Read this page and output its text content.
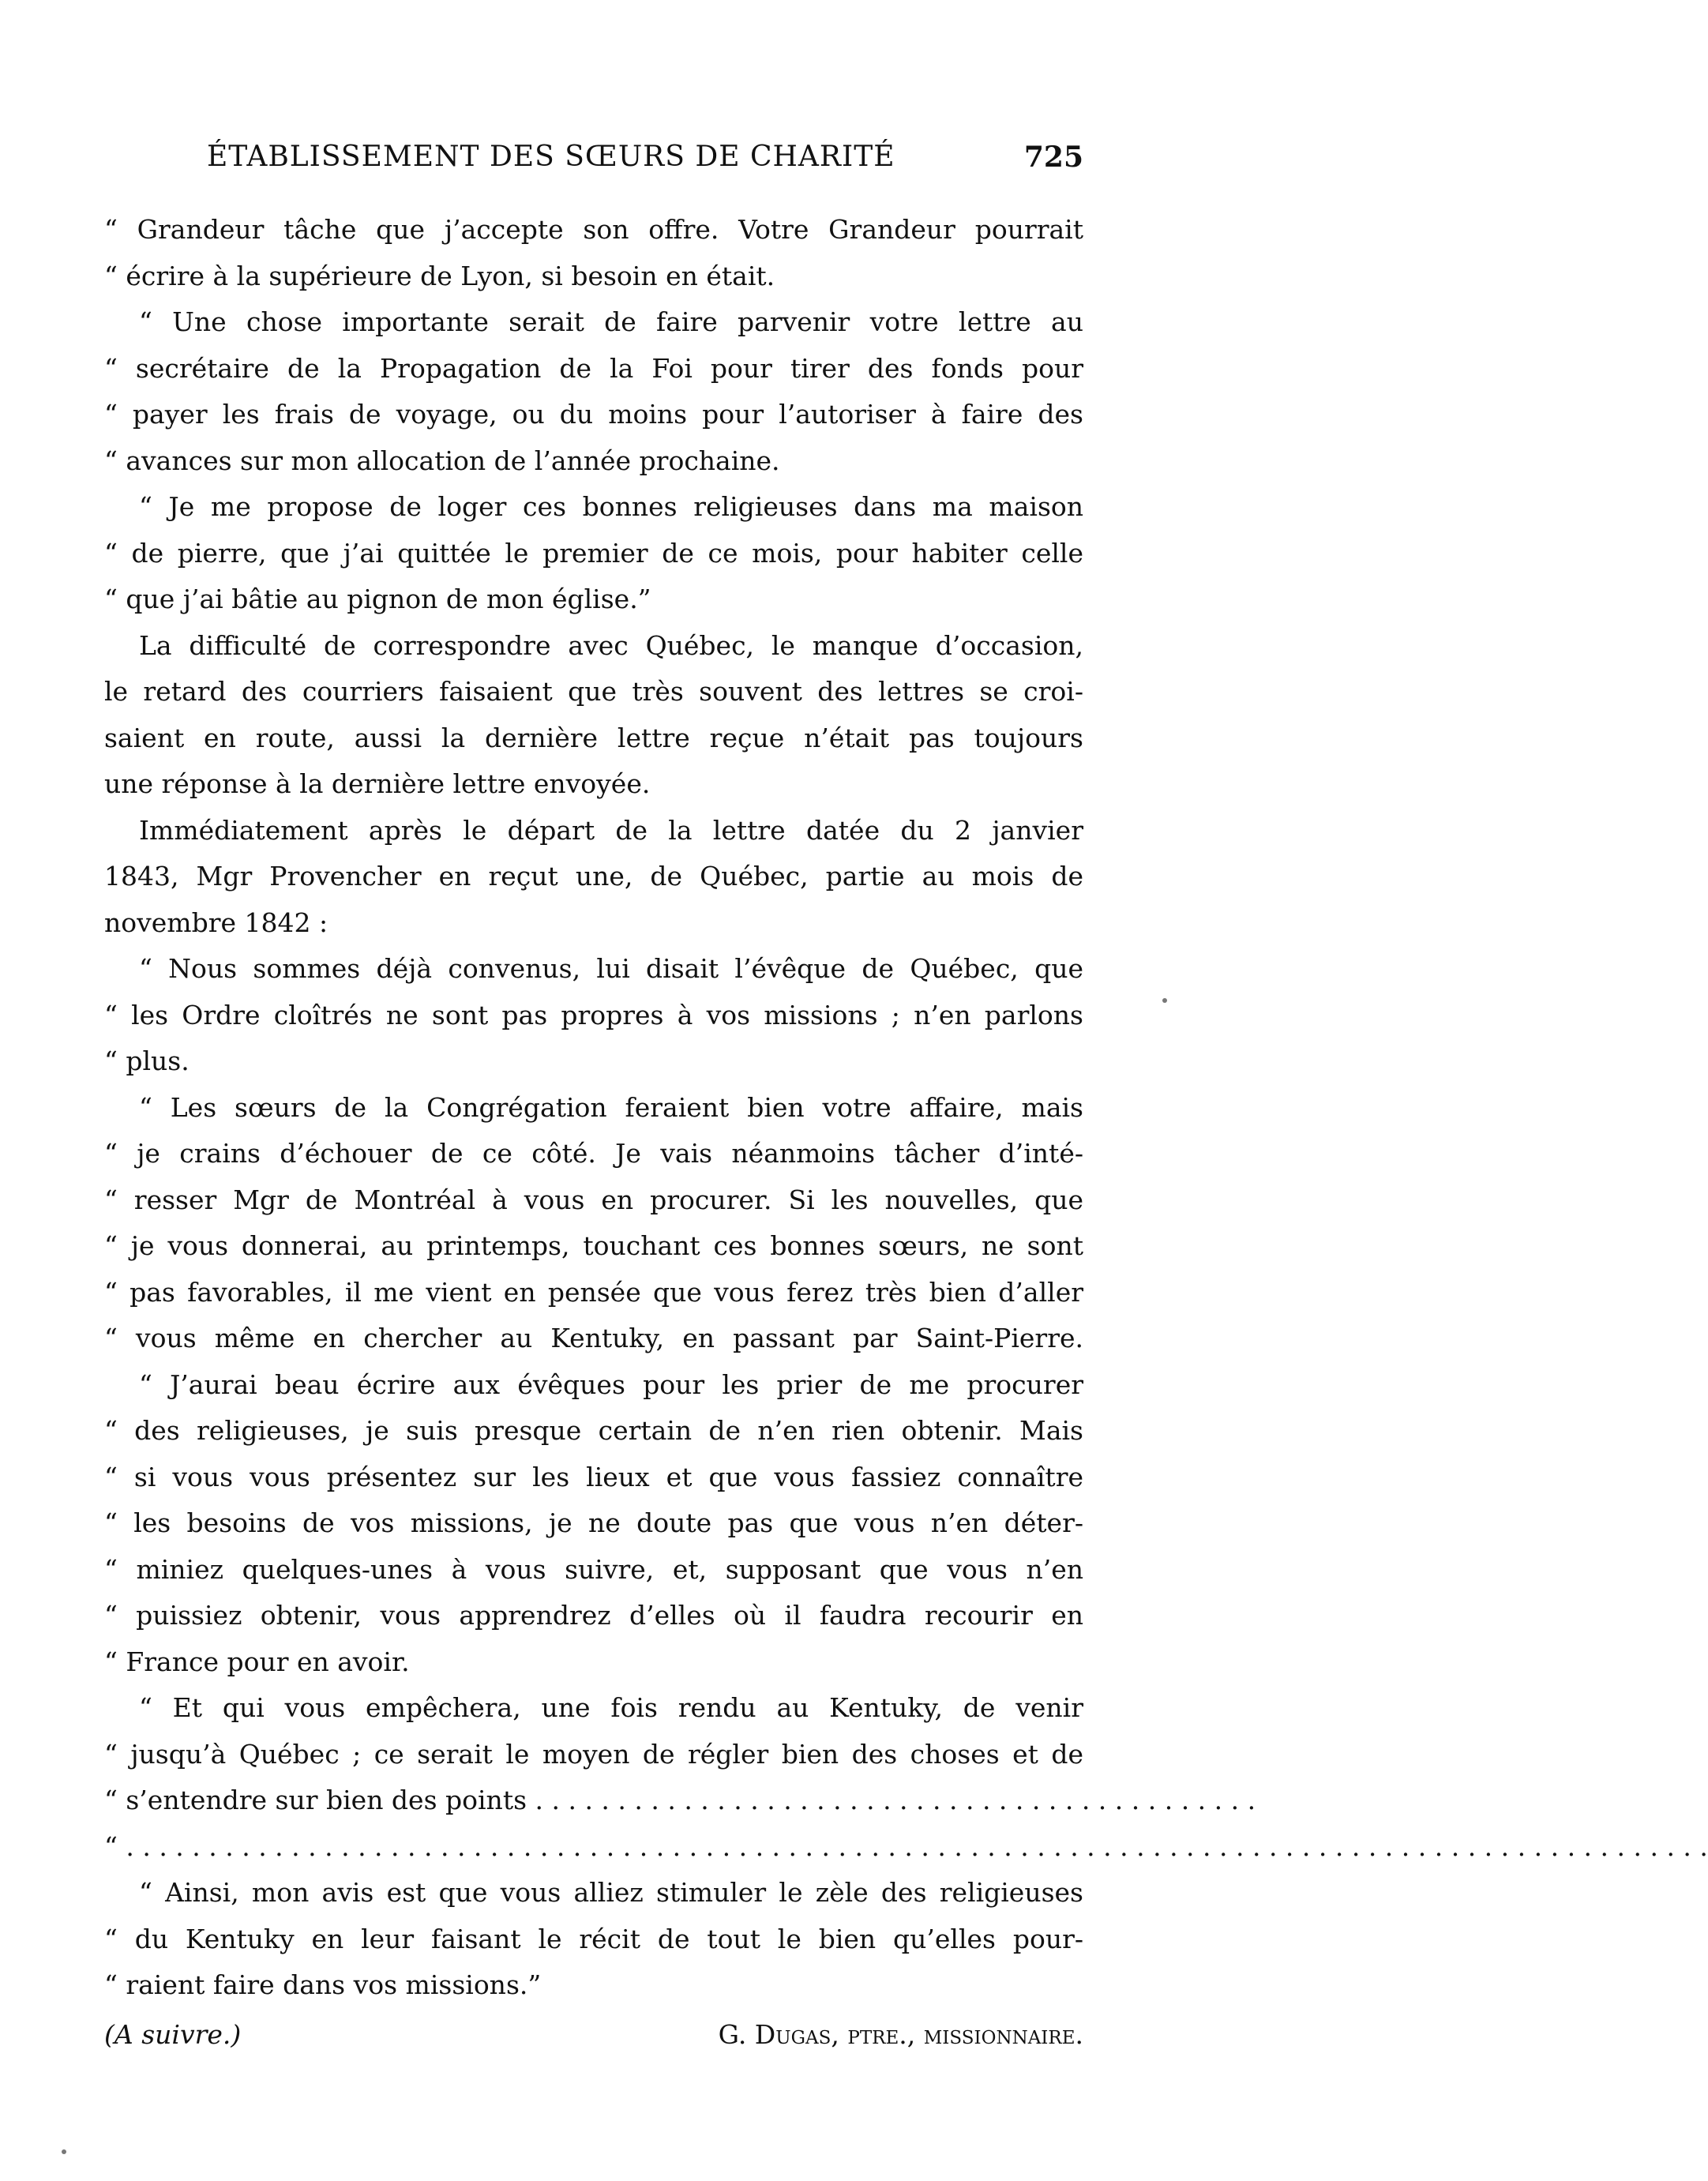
ÉTABLISSEMENT DES SŒURS DE CHARITÉ	725
“ Grandeur tâche que j’accepte son offre. Votre Grandeur pourrait
“ écrire à la supérieure de Lyon, si besoin en était.
“ Une chose importante serait de faire parvenir votre lettre au
“ secrétaire de la Propagation de la Foi pour tirer des fonds pour
“ payer les frais de voyage, ou du moins pour l’autoriser à faire des
“ avances sur mon allocation de l’année prochaine.
“ Je me propose de loger ces bonnes religieuses dans ma maison
“ de pierre, que j’ai quittée le premier de ce mois, pour habiter celle
“ que j’ai bâtie au pignon de mon église.”
La difficulté de correspondre avec Québec, le manque d’occasion,
le retard des courriers faisaient que très souvent des lettres se croi-
saient en route, aussi la dernière lettre reçue n’était pas toujours
une réponse à la dernière lettre envoyée.
Immédiatement après le départ de la lettre datée du 2 janvier
1843, Mgr Provencher en reçut une, de Québec, partie au mois de
novembre 1842 :
“ Nous sommes déjà convenus, lui disait l’évêque de Québec, que
“ les Ordre cloîtrés ne sont pas propres à vos missions ; n’en parlons
“ plus.
“ Les sœurs de la Congrégation feraient bien votre affaire, mais
“ je crains d’échouer de ce côté. Je vais néanmoins tâcher d’inté-
“ resser Mgr de Montréal à vous en procurer. Si les nouvelles, que
“ je vous donnerai, au printemps, touchant ces bonnes sœurs, ne sont
“ pas favorables, il me vient en pensée que vous ferez très bien d’aller
“ vous même en chercher au Kentuky, en passant par Saint-Pierre.
“ J’aurai beau écrire aux évêques pour les prier de me procurer
“ des religieuses, je suis presque certain de n’en rien obtenir. Mais
“ si vous vous présentez sur les lieux et que vous fassiez connaître
“ les besoins de vos missions, je ne doute pas que vous n’en déter-
“ miniez quelques-unes à vous suivre, et, supposant que vous n’en
“ puissiez obtenir, vous apprendrez d’elles où il faudra recourir en
“ France pour en avoir.
“ Et qui vous empêchera, une fois rendu au Kentuky, de venir
“ jusqu’à Québec ; ce serait le moyen de régler bien des choses et de
“ s’entendre sur bien des points . . . . . . . . . . . . . . . . . . . . . . . . . . . . . . . . . . . . . . . . . . . .
“ . . . . . . . . . . . . . . . . . . . . . . . . . . . . . . . . . . . . . . . . . . . . . . . . . . . . . . . . . . . . . . . . . . . . . . . . . . . . . . . . . . . . . . . . . . . . . . . .
“ Ainsi, mon avis est que vous alliez stimuler le zèle des religieuses
“ du Kentuky en leur faisant le récit de tout le bien qu’elles pour-
“ raient faire dans vos missions.”
(A suivre.)	G. Dugas, ptre., missionnaire.
